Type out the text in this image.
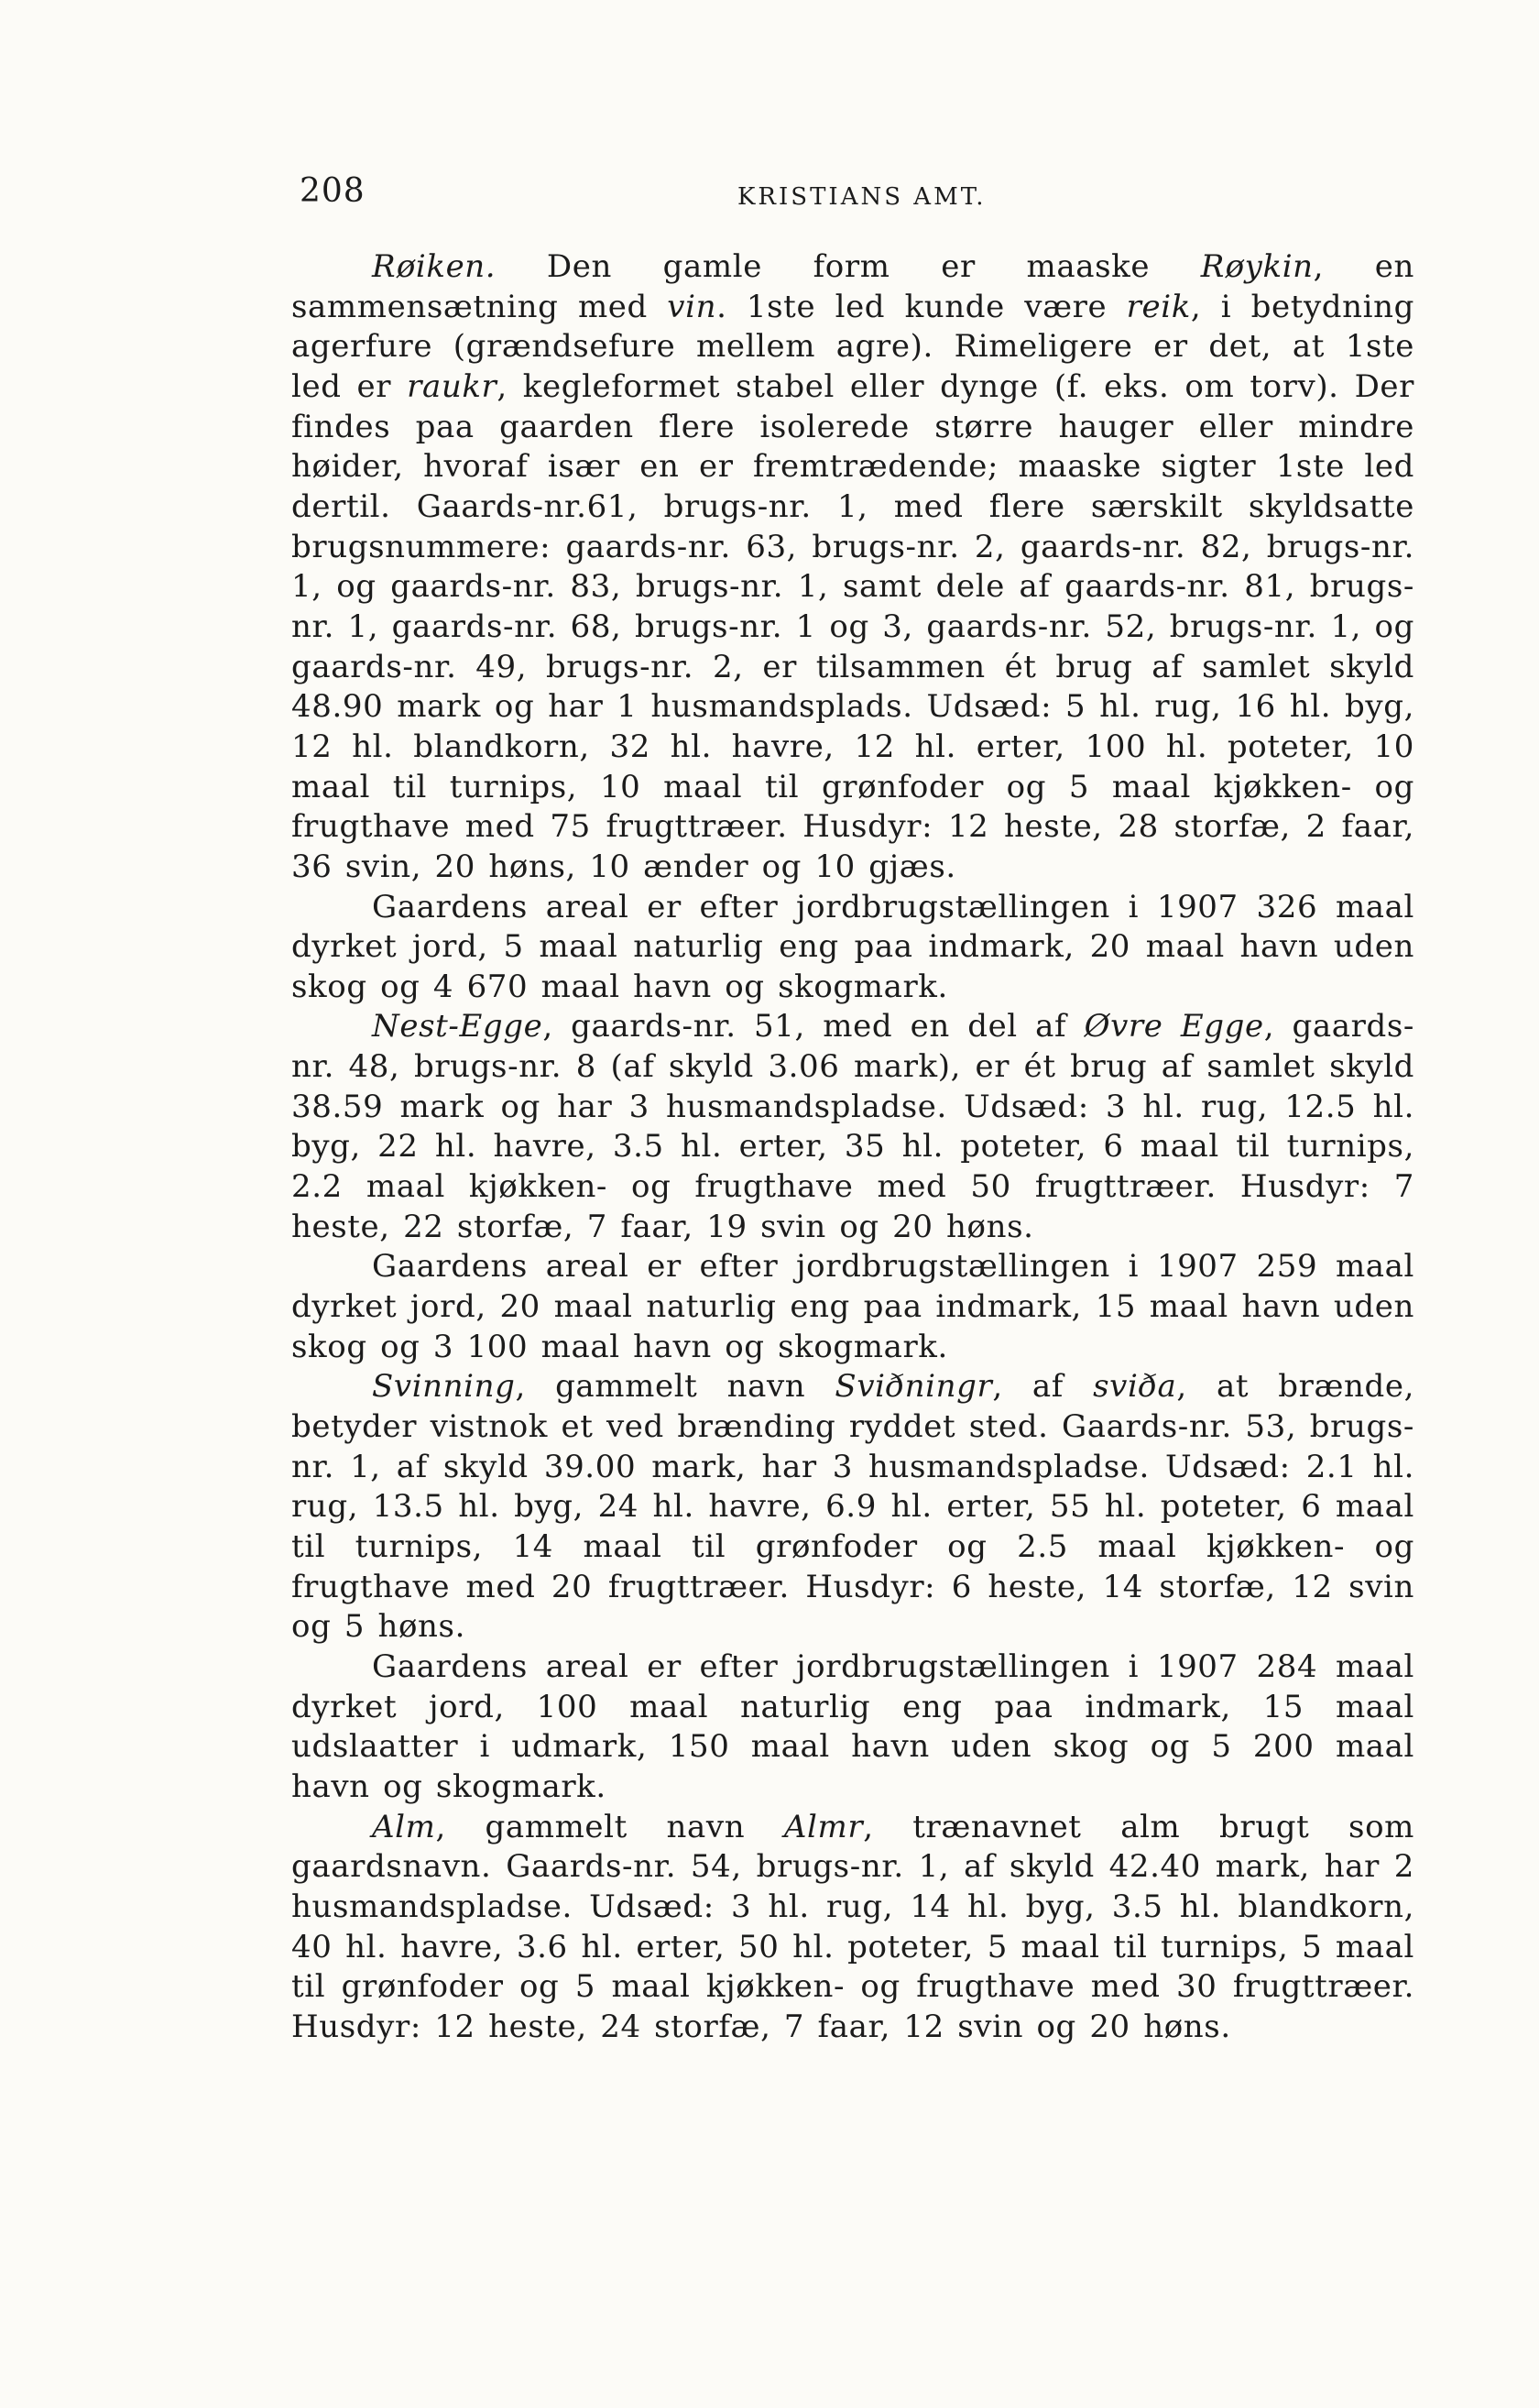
208	KRISTIANS AMT.

Røiken. Den gamle form er maaske Røykin, en sammensætning med vin. 1ste led kunde være reik, i betydning agerfure (grændsefure mellem agre). Rimeligere er det, at 1ste led er raukr, kegleformet stabel eller dynge (f. eks. om torv). Der findes paa gaarden flere isolerede større hauger eller mindre høider, hvoraf især en er fremtrædende; maaske sigter 1ste led dertil. Gaards-nr.61, brugs-nr. 1, med flere særskilt skyldsatte brugsnummere: gaards-nr. 63, brugs-nr. 2, gaards-nr. 82, brugs-nr. 1, og gaards-nr. 83, brugs-nr. 1, samt dele af gaards-nr. 81, brugs-nr. 1, gaards-nr. 68, brugs-nr. 1 og 3, gaards-nr. 52, brugs-nr. 1, og gaards-nr. 49, brugs-nr. 2, er tilsammen ét brug af samlet skyld 48.90 mark og har 1 husmandsplads. Udsæd: 5 hl. rug, 16 hl. byg, 12 hl. blandkorn, 32 hl. havre, 12 hl. erter, 100 hl. poteter, 10 maal til turnips, 10 maal til grønfoder og 5 maal kjøkken- og frugthave med 75 frugttræer. Husdyr: 12 heste, 28 storfæ, 2 faar, 36 svin, 20 høns, 10 ænder og 10 gjæs.

Gaardens areal er efter jordbrugstællingen i 1907 326 maal dyrket jord, 5 maal naturlig eng paa indmark, 20 maal havn uden skog og 4 670 maal havn og skogmark.

Nest-Egge, gaards-nr. 51, med en del af Øvre Egge, gaards-nr. 48, brugs-nr. 8 (af skyld 3.06 mark), er ét brug af samlet skyld 38.59 mark og har 3 husmandspladse. Udsæd: 3 hl. rug, 12.5 hl. byg, 22 hl. havre, 3.5 hl. erter, 35 hl. poteter, 6 maal til turnips, 2.2 maal kjøkken- og frugthave med 50 frugttræer. Husdyr: 7 heste, 22 storfæ, 7 faar, 19 svin og 20 høns.

Gaardens areal er efter jordbrugstællingen i 1907 259 maal dyrket jord, 20 maal naturlig eng paa indmark, 15 maal havn uden skog og 3 100 maal havn og skogmark.

Svinning, gammelt navn Sviðningr, af sviða, at brænde, betyder vistnok et ved brænding ryddet sted. Gaards-nr. 53, brugs-nr. 1, af skyld 39.00 mark, har 3 husmandspladse. Udsæd: 2.1 hl. rug, 13.5 hl. byg, 24 hl. havre, 6.9 hl. erter, 55 hl. poteter, 6 maal til turnips, 14 maal til grønfoder og 2.5 maal kjøkken- og frugthave med 20 frugttræer. Husdyr: 6 heste, 14 storfæ, 12 svin og 5 høns.

Gaardens areal er efter jordbrugstællingen i 1907 284 maal dyrket jord, 100 maal naturlig eng paa indmark, 15 maal udslaatter i udmark, 150 maal havn uden skog og 5 200 maal havn og skogmark.

Alm, gammelt navn Almr, trænavnet alm brugt som gaardsnavn. Gaards-nr. 54, brugs-nr. 1, af skyld 42.40 mark, har 2 husmandspladse. Udsæd: 3 hl. rug, 14 hl. byg, 3.5 hl. blandkorn, 40 hl. havre, 3.6 hl. erter, 50 hl. poteter, 5 maal til turnips, 5 maal til grønfoder og 5 maal kjøkken- og frugthave med 30 frugttræer. Husdyr: 12 heste, 24 storfæ, 7 faar, 12 svin og 20 høns.
